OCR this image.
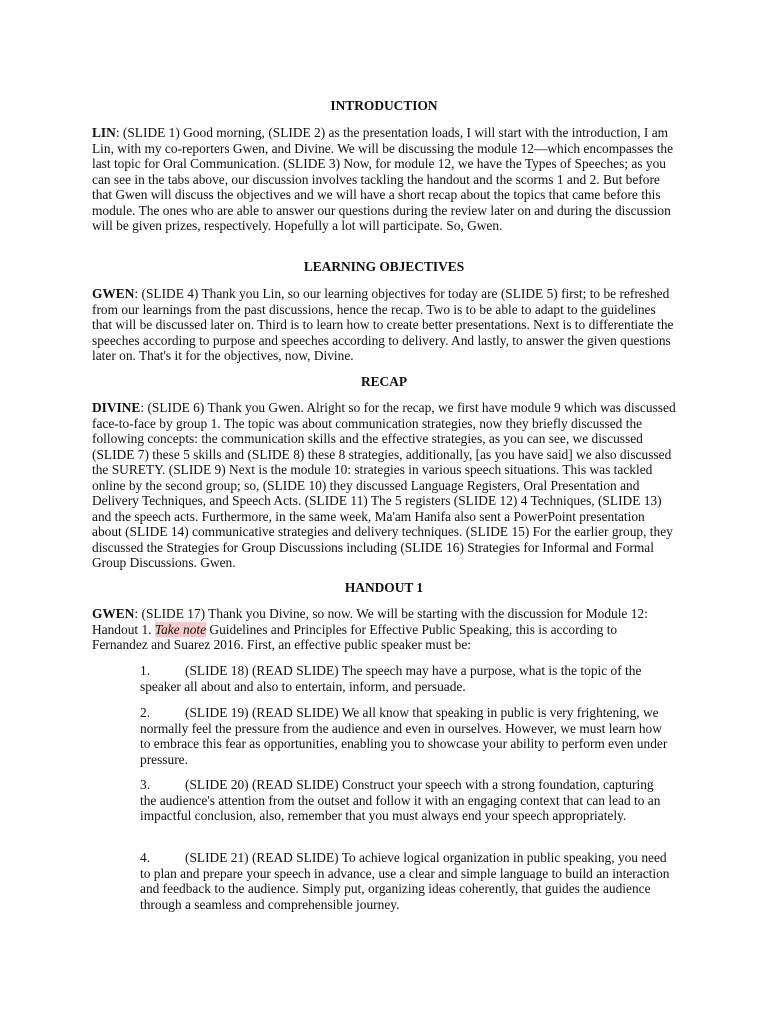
INTRODUCTION

LIN: (SLIDE 1) Good morning, (SLIDE 2) as the presentation loads, I will start with the introduction, I am Lin, with my co-reporters Gwen, and Divine. We will be discussing the module 12—which encompasses the last topic for Oral Communication. (SLIDE 3) Now, for module 12, we have the Types of Speeches; as you can see in the tabs above, our discussion involves tackling the handout and the scorms 1 and 2. But before that Gwen will discuss the objectives and we will have a short recap about the topics that came before this module. The ones who are able to answer our questions during the review later on and during the discussion will be given prizes, respectively. Hopefully a lot will participate. So, Gwen.

LEARNING OBJECTIVES

GWEN: (SLIDE 4) Thank you Lin, so our learning objectives for today are (SLIDE 5) first; to be refreshed from our learnings from the past discussions, hence the recap. Two is to be able to adapt to the guidelines that will be discussed later on. Third is to learn how to create better presentations. Next is to differentiate the speeches according to purpose and speeches according to delivery. And lastly, to answer the given questions later on. That's it for the objectives, now, Divine.

RECAP

DIVINE: (SLIDE 6) Thank you Gwen. Alright so for the recap, we first have module 9 which was discussed face-to-face by group 1. The topic was about communication strategies, now they briefly discussed the following concepts: the communication skills and the effective strategies, as you can see, we discussed (SLIDE 7) these 5 skills and (SLIDE 8) these 8 strategies, additionally, [as you have said] we also discussed the SURETY. (SLIDE 9) Next is the module 10: strategies in various speech situations. This was tackled online by the second group; so, (SLIDE 10) they discussed Language Registers, Oral Presentation and Delivery Techniques, and Speech Acts. (SLIDE 11) The 5 registers (SLIDE 12) 4 Techniques, (SLIDE 13) and the speech acts. Furthermore, in the same week, Ma'am Hanifa also sent a PowerPoint presentation about (SLIDE 14) communicative strategies and delivery techniques. (SLIDE 15) For the earlier group, they discussed the Strategies for Group Discussions including (SLIDE 16) Strategies for Informal and Formal Group Discussions. Gwen.

HANDOUT 1

GWEN: (SLIDE 17) Thank you Divine, so now. We will be starting with the discussion for Module 12: Handout 1. Take note Guidelines and Principles for Effective Public Speaking, this is according to Fernandez and Suarez 2016. First, an effective public speaker must be:

1.	(SLIDE 18) (READ SLIDE) The speech may have a purpose, what is the topic of the speaker all about and also to entertain, inform, and persuade.

2.	(SLIDE 19) (READ SLIDE) We all know that speaking in public is very frightening, we normally feel the pressure from the audience and even in ourselves. However, we must learn how to embrace this fear as opportunities, enabling you to showcase your ability to perform even under pressure.

3.	(SLIDE 20) (READ SLIDE) Construct your speech with a strong foundation, capturing the audience's attention from the outset and follow it with an engaging context that can lead to an impactful conclusion, also, remember that you must always end your speech appropriately.

4.	(SLIDE 21) (READ SLIDE) To achieve logical organization in public speaking, you need to plan and prepare your speech in advance, use a clear and simple language to build an interaction and feedback to the audience. Simply put, organizing ideas coherently, that guides the audience through a seamless and comprehensible journey.
